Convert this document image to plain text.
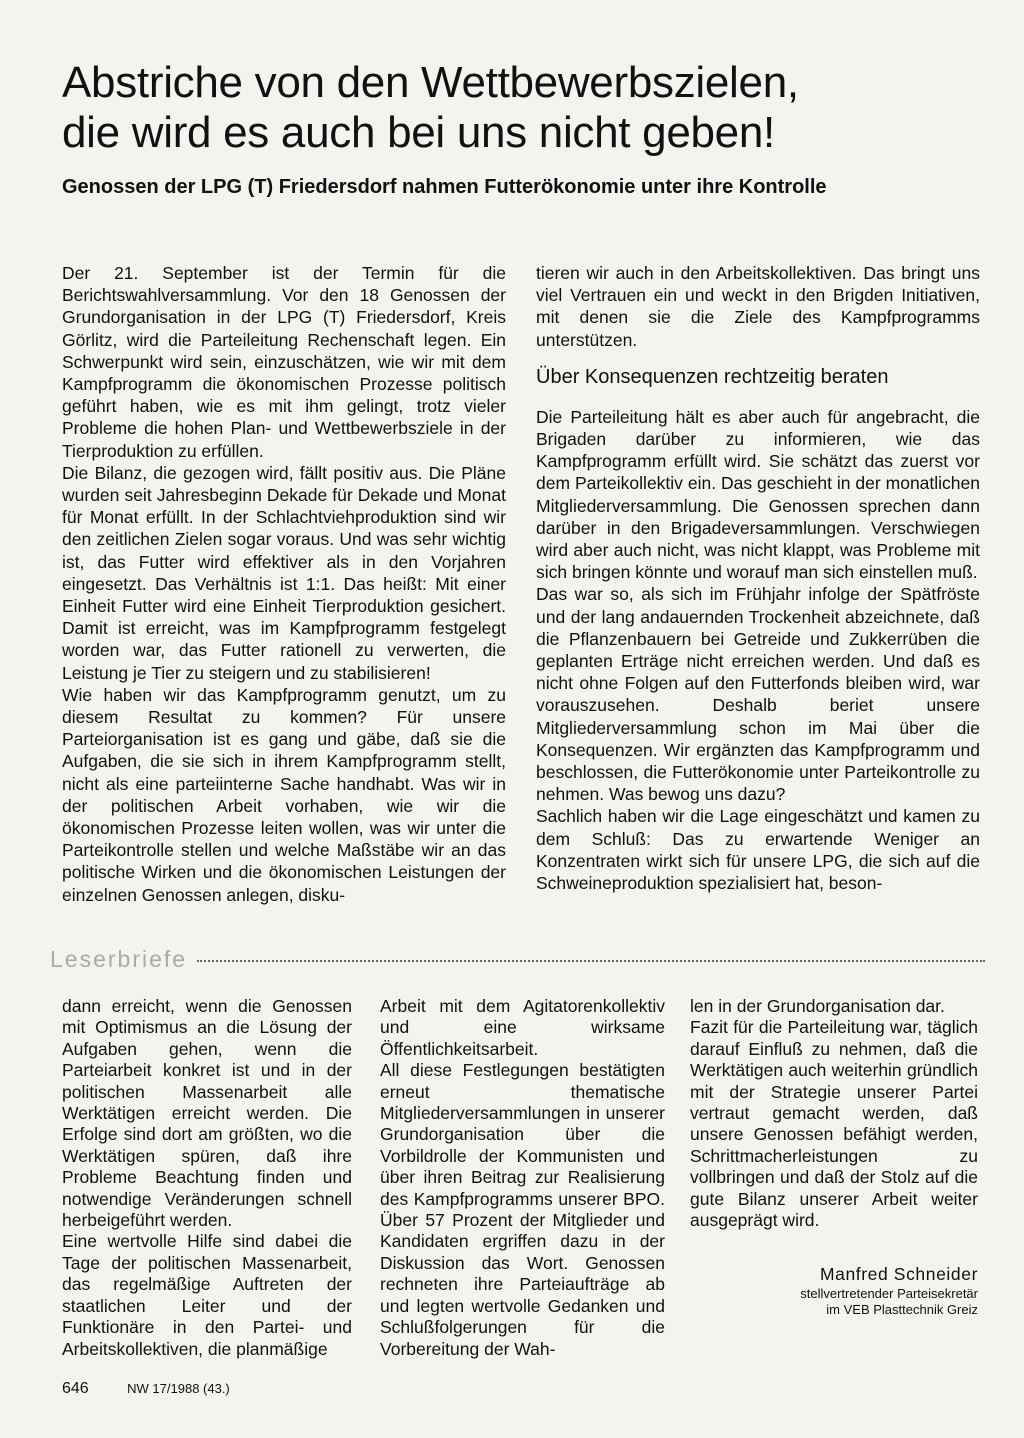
Abstriche von den Wettbewerbszielen,
die wird es auch bei uns nicht geben!
Genossen der LPG (T) Friedersdorf nahmen Futterökonomie unter ihre Kontrolle

Der 21. September ist der Termin für die Berichtswahlversammlung. Vor den 18 Genossen der Grundorganisation in der LPG (T) Friedersdorf, Kreis Görlitz, wird die Parteileitung Rechenschaft legen. Ein Schwerpunkt wird sein, einzuschätzen, wie wir mit dem Kampfprogramm die ökonomischen Prozesse politisch geführt haben, wie es mit ihm gelingt, trotz vieler Probleme die hohen Plan- und Wettbewerbsziele in der Tierproduktion zu erfüllen.

Die Bilanz, die gezogen wird, fällt positiv aus. Die Pläne wurden seit Jahresbeginn Dekade für Dekade und Monat für Monat erfüllt. In der Schlachtviehproduktion sind wir den zeitlichen Zielen sogar voraus. Und was sehr wichtig ist, das Futter wird effektiver als in den Vorjahren eingesetzt. Das Verhältnis ist 1:1. Das heißt: Mit einer Einheit Futter wird eine Einheit Tierproduktion gesichert. Damit ist erreicht, was im Kampfprogramm festgelegt worden war, das Futter rationell zu verwerten, die Leistung je Tier zu steigern und zu stabilisieren!

Wie haben wir das Kampfprogramm genutzt, um zu diesem Resultat zu kommen? Für unsere Parteiorganisation ist es gang und gäbe, daß sie die Aufgaben, die sie sich in ihrem Kampfprogramm stellt, nicht als eine parteiinterne Sache handhabt. Was wir in der politischen Arbeit vorhaben, wie wir die ökonomischen Prozesse leiten wollen, was wir unter die Parteikontrolle stellen und welche Maßstäbe wir an das politische Wirken und die ökonomischen Leistungen der einzelnen Genossen anlegen, disku-

tieren wir auch in den Arbeitskollektiven. Das bringt uns viel Vertrauen ein und weckt in den Brigden Initiativen, mit denen sie die Ziele des Kampfprogramms unterstützen.

Über Konsequenzen rechtzeitig beraten

Die Parteileitung hält es aber auch für angebracht, die Brigaden darüber zu informieren, wie das Kampfprogramm erfüllt wird. Sie schätzt das zuerst vor dem Parteikollektiv ein. Das geschieht in der monatlichen Mitgliederversammlung. Die Genossen sprechen dann darüber in den Brigadeversammlungen. Verschwiegen wird aber auch nicht, was nicht klappt, was Probleme mit sich bringen könnte und worauf man sich einstellen muß.

Das war so, als sich im Frühjahr infolge der Spätfröste und der lang andauernden Trockenheit abzeichnete, daß die Pflanzenbauern bei Getreide und Zukkerrüben die geplanten Erträge nicht erreichen werden. Und daß es nicht ohne Folgen auf den Futterfonds bleiben wird, war vorauszusehen. Deshalb beriet unsere Mitgliederversammlung schon im Mai über die Konsequenzen. Wir ergänzten das Kampfprogramm und beschlossen, die Futterökonomie unter Parteikontrolle zu nehmen. Was bewog uns dazu?

Sachlich haben wir die Lage eingeschätzt und kamen zu dem Schluß: Das zu erwartende Weniger an Konzentraten wirkt sich für unsere LPG, die sich auf die Schweineproduktion spezialisiert hat, beson-

Leserbriefe

dann erreicht, wenn die Genossen mit Optimismus an die Lösung der Aufgaben gehen, wenn die Parteiarbeit konkret ist und in der politischen Massenarbeit alle Werktätigen erreicht werden. Die Erfolge sind dort am größten, wo die Werktätigen spüren, daß ihre Probleme Beachtung finden und notwendige Veränderungen schnell herbeigeführt werden.

Eine wertvolle Hilfe sind dabei die Tage der politischen Massenarbeit, das regelmäßige Auftreten der staatlichen Leiter und der Funktionäre in den Partei- und Arbeitskollektiven, die planmäßige

Arbeit mit dem Agitatorenkollektiv und eine wirksame Öffentlichkeitsarbeit.

All diese Festlegungen bestätigten erneut thematische Mitgliederversammlungen in unserer Grundorganisation über die Vorbildrolle der Kommunisten und über ihren Beitrag zur Realisierung des Kampfprogramms unserer BPO. Über 57 Prozent der Mitglieder und Kandidaten ergriffen dazu in der Diskussion das Wort. Genossen rechneten ihre Parteiaufträge ab und legten wertvolle Gedanken und Schlußfolgerungen für die Vorbereitung der Wah-

len in der Grundorganisation dar.

Fazit für die Parteileitung war, täglich darauf Einfluß zu nehmen, daß die Werktätigen auch weiterhin gründlich mit der Strategie unserer Partei vertraut gemacht werden, daß unsere Genossen befähigt werden, Schrittmacherleistungen zu vollbringen und daß der Stolz auf die gute Bilanz unserer Arbeit weiter ausgeprägt wird.

Manfred Schneider
stellvertretender Parteisekretär
im VEB Plasttechnik Greiz
646	NW 17/1988 (43.)
